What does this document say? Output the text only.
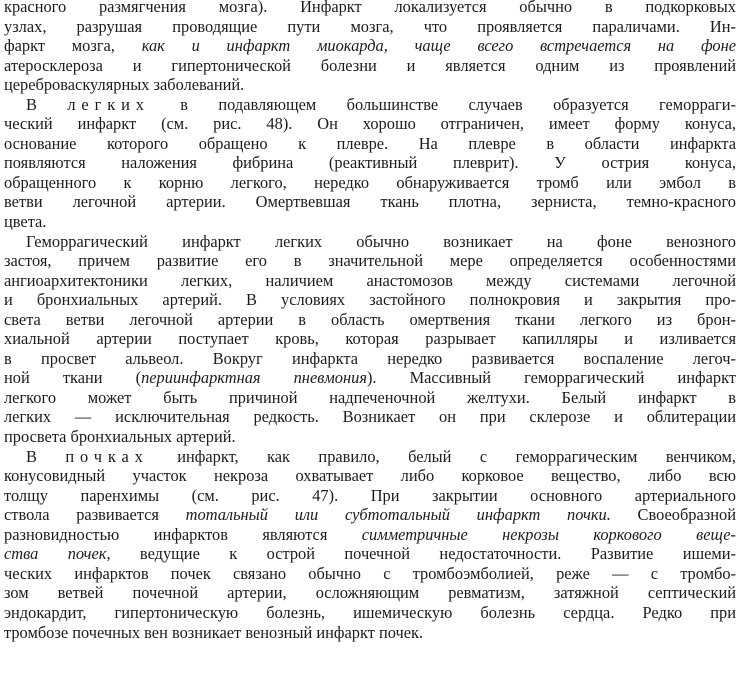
красного размягчения мозга). Инфаркт локализуется обычно в подкорковых
узлах, разрушая проводящие пути мозга, что проявляется параличами. Ин-
фаркт мозга, как и инфаркт миокарда, чаще всего встречается на фоне
атеросклероза и гипертонической болезни и является одним из проявлений
цереброваскулярных заболеваний.
В легких в подавляющем большинстве случаев образуется геморраги-
ческий инфаркт (см. рис. 48). Он хорошо отграничен, имеет форму конуса,
основание которого обращено к плевре. На плевре в области инфаркта
появляются наложения фибрина (реактивный плеврит). У острия конуса,
обращенного к корню легкого, нередко обнаруживается тромб или эмбол в
ветви легочной артерии. Омертвевшая ткань плотна, зерниста, темно-красного
цвета.
Геморрагический инфаркт легких обычно возникает на фоне венозного
застоя, причем развитие его в значительной мере определяется особенностями
ангиоархитектоники легких, наличием анастомозов между системами легочной
и бронхиальных артерий. В условиях застойного полнокровия и закрытия про-
света ветви легочной артерии в область омертвения ткани легкого из брон-
хиальной артерии поступает кровь, которая разрывает капилляры и изливается
в просвет альвеол. Вокруг инфаркта нередко развивается воспаление легоч-
ной ткани (периинфарктная пневмония). Массивный геморрагический инфаркт
легкого может быть причиной надпеченочной желтухи. Белый инфаркт в
легких — исключительная редкость. Возникает он при склерозе и облитерации
просвета бронхиальных артерий.
В почках инфаркт, как правило, белый с геморрагическим венчиком,
конусовидный участок некроза охватывает либо корковое вещество, либо всю
толщу паренхимы (см. рис. 47). При закрытии основного артериального
ствола развивается тотальный или субтотальный инфаркт почки. Своеобразной
разновидностью инфарктов являются симметричные некрозы коркового веще-
ства почек, ведущие к острой почечной недостаточности. Развитие ишеми-
ческих инфарктов почек связано обычно с тромбоэмболией, реже — с тромбо-
зом ветвей почечной артерии, осложняющим ревматизм, затяжной септический
эндокардит, гипертоническую болезнь, ишемическую болезнь сердца. Редко при
тромбозе почечных вен возникает венозный инфаркт почек.
